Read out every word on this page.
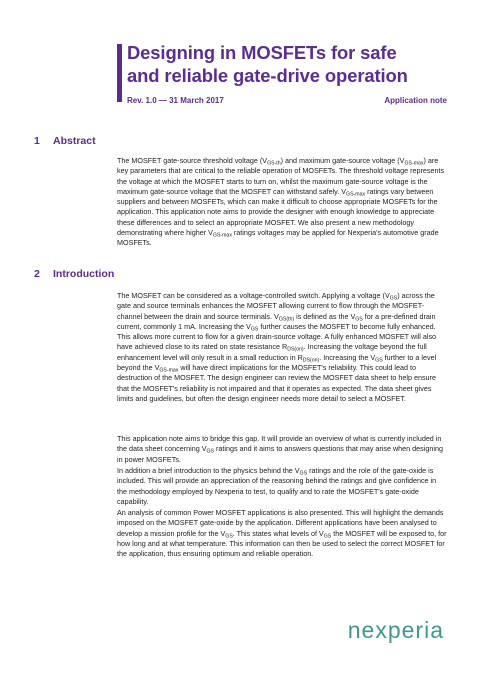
Designing in MOSFETs for safe
and reliable gate-drive operation
Rev. 1.0 — 31 March 2017	Application note
1 Abstract

The MOSFET gate-source threshold voltage $(V_{GS-th})$ and maximum gate-source voltage $(V_{GS-max})$ are key parameters that are critical to the reliable operation of MOSFETs. The threshold voltage represents the voltage at which the MOSFET starts to turn on, whilst the maximum gate-source voltage is the maximum gate-source voltage that the MOSFET can withstand safely. $V_{GS-max}$ ratings vary between suppliers and between MOSFETs, which can make it difficult to choose appropriate MOSFETs for the application. This application note aims to provide the designer with enough knowledge to appreciate these differences and to select an appropriate MOSFET. We also present a new methodology demonstrating where higher $V_{GS-max}$ ratings voltages may be applied for Nexperia's automotive grade MOSFETs.

2 Introduction

The MOSFET can be considered as a voltage-controlled switch. Applying a voltage $(V_{GS})$ across the gate and source terminals enhances the MOSFET allowing current to flow through the MOSFET-channel between the drain and source terminals. $V_{GS(th)}$ is defined as the $V_{GS}$ for a pre-defined drain current, commonly 1 mA. Increasing the $V_{GS}$ further causes the MOSFET to become fully enhanced. This allows more current to flow for a given drain-source voltage. A fully enhanced MOSFET will also have achieved close to its rated on state resistance $R_{DS(on)}$. Increasing the voltage beyond the full enhancement level will only result in a small reduction in $R_{DS(on)}$. Increasing the $V_{GS}$ further to a level beyond the $V_{GS-max}$ will have direct implications for the MOSFET's reliability. This could lead to destruction of the MOSFET. The design engineer can review the MOSFET data sheet to help ensure that the MOSFET's reliability is not impaired and that it operates as expected. The data sheet gives limits and guidelines, but often the design engineer needs more detail to select a MOSFET.

This application note aims to bridge this gap. It will provide an overview of what is currently included in the data sheet concerning $V_{GS}$ ratings and it aims to answers questions that may arise when designing in power MOSFETs.

In addition a brief introduction to the physics behind the $V_{GS}$ ratings and the role of the gate-oxide is included. This will provide an appreciation of the reasoning behind the ratings and give confidence in the methodology employed by Nexperia to test, to qualify and to rate the MOSFET's gate-oxide capability.

An analysis of common Power MOSFET applications is also presented. This will highlight the demands imposed on the MOSFET gate-oxide by the application. Different applications have been analysed to develop a mission profile for the $V_{GS}$. This states what levels of $V_{GS}$ the MOSFET will be exposed to, for how long and at what temperature. This information can then be used to select the correct MOSFET for the application, thus ensuring optimum and reliable operation.

nexperia
